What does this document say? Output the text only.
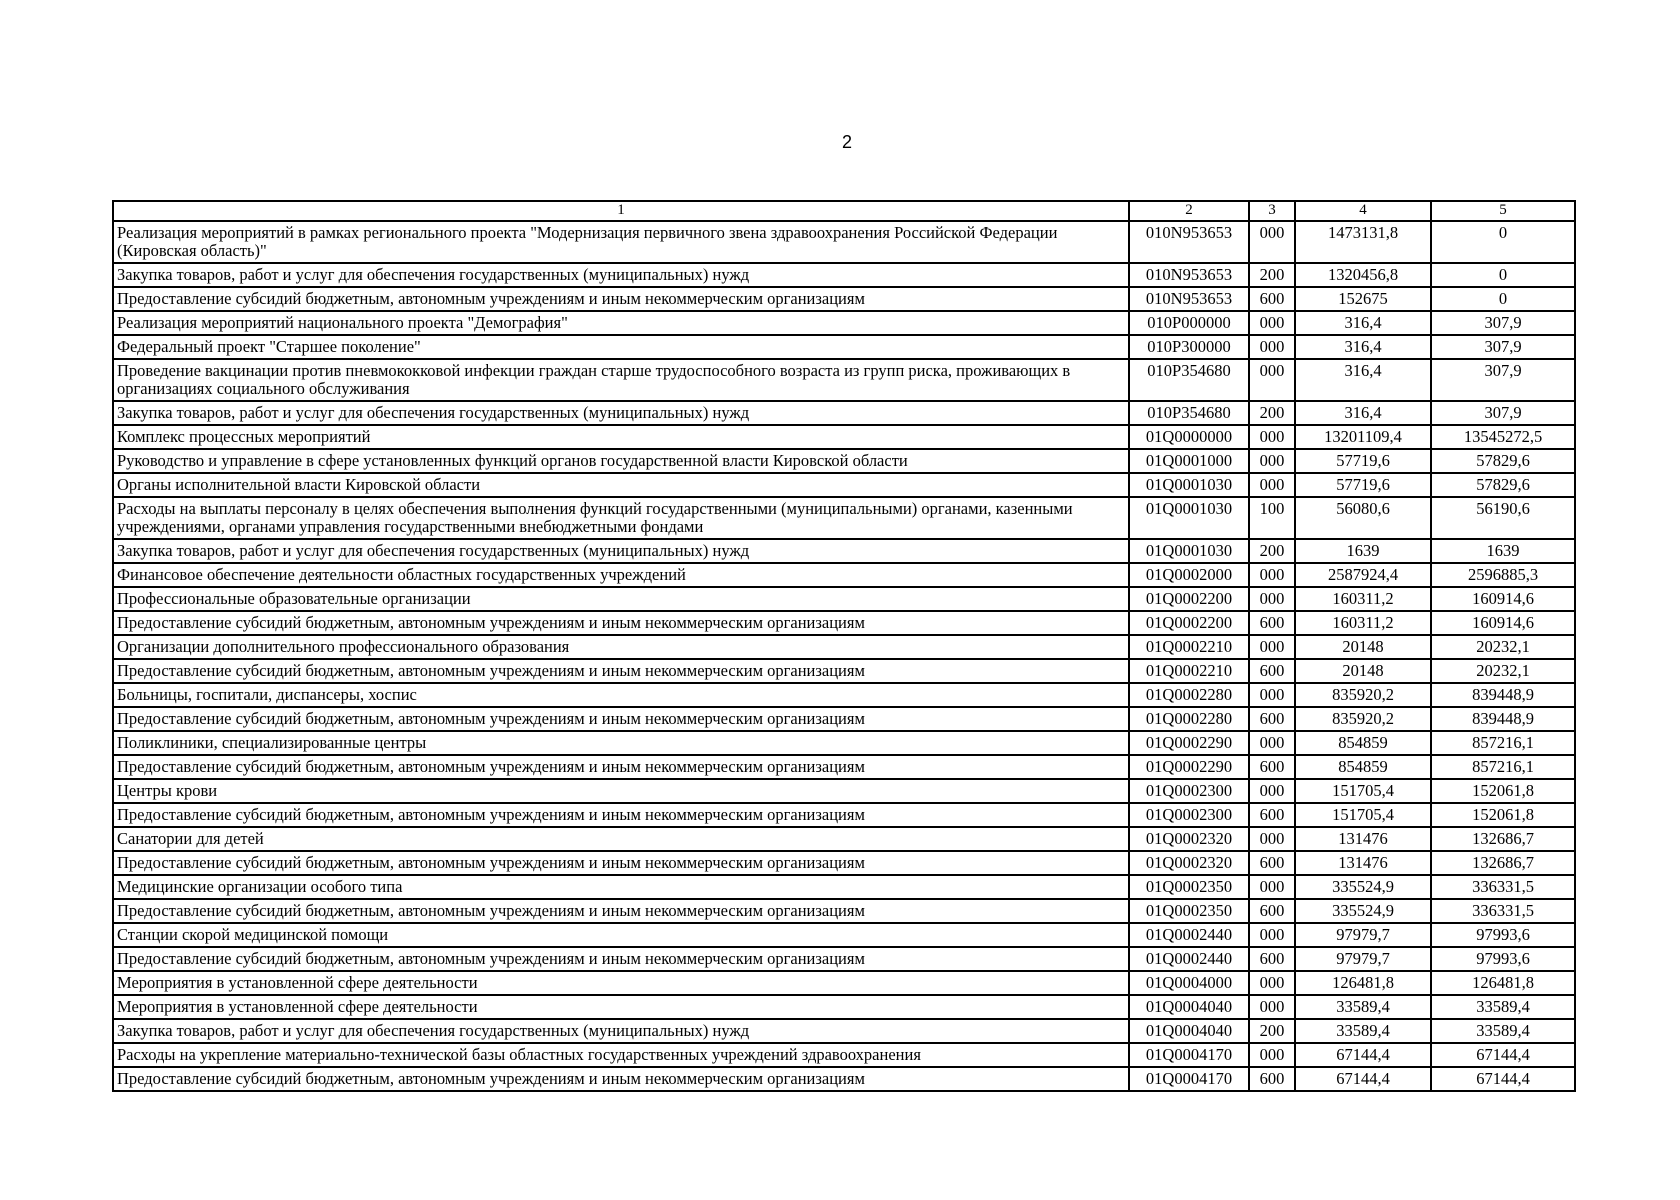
2
1	2	3	4	5
Реализация мероприятий в рамках регионального проекта "Модернизация первичного звена здравоохранения Российской Федерации (Кировская область)"	010N953653	000	1473131,8	0
Закупка товаров, работ и услуг для обеспечения государственных (муниципальных) нужд	010N953653	200	1320456,8	0
Предоставление субсидий бюджетным, автономным учреждениям и иным некоммерческим организациям	010N953653	600	152675	0
Реализация мероприятий национального проекта "Демография"	010P000000	000	316,4	307,9
Федеральный проект "Старшее поколение"	010P300000	000	316,4	307,9
Проведение вакцинации против пневмококковой инфекции граждан старше трудоспособного возраста из групп риска, проживающих в организациях социального обслуживания	010P354680	000	316,4	307,9
Закупка товаров, работ и услуг для обеспечения государственных (муниципальных) нужд	010P354680	200	316,4	307,9
Комплекс процессных мероприятий	01Q0000000	000	13201109,4	13545272,5
Руководство и управление в сфере установленных функций органов государственной власти Кировской области	01Q0001000	000	57719,6	57829,6
Органы исполнительной власти Кировской области	01Q0001030	000	57719,6	57829,6
Расходы на выплаты персоналу в целях обеспечения выполнения функций государственными (муниципальными) органами, казенными учреждениями, органами управления государственными внебюджетными фондами	01Q0001030	100	56080,6	56190,6
Закупка товаров, работ и услуг для обеспечения государственных (муниципальных) нужд	01Q0001030	200	1639	1639
Финансовое обеспечение деятельности областных государственных учреждений	01Q0002000	000	2587924,4	2596885,3
Профессиональные образовательные организации	01Q0002200	000	160311,2	160914,6
Предоставление субсидий бюджетным, автономным учреждениям и иным некоммерческим организациям	01Q0002200	600	160311,2	160914,6
Организации дополнительного профессионального образования	01Q0002210	000	20148	20232,1
Предоставление субсидий бюджетным, автономным учреждениям и иным некоммерческим организациям	01Q0002210	600	20148	20232,1
Больницы, госпитали, диспансеры, хоспис	01Q0002280	000	835920,2	839448,9
Предоставление субсидий бюджетным, автономным учреждениям и иным некоммерческим организациям	01Q0002280	600	835920,2	839448,9
Поликлиники, специализированные центры	01Q0002290	000	854859	857216,1
Предоставление субсидий бюджетным, автономным учреждениям и иным некоммерческим организациям	01Q0002290	600	854859	857216,1
Центры крови	01Q0002300	000	151705,4	152061,8
Предоставление субсидий бюджетным, автономным учреждениям и иным некоммерческим организациям	01Q0002300	600	151705,4	152061,8
Санатории для детей	01Q0002320	000	131476	132686,7
Предоставление субсидий бюджетным, автономным учреждениям и иным некоммерческим организациям	01Q0002320	600	131476	132686,7
Медицинские организации особого типа	01Q0002350	000	335524,9	336331,5
Предоставление субсидий бюджетным, автономным учреждениям и иным некоммерческим организациям	01Q0002350	600	335524,9	336331,5
Станции скорой медицинской помощи	01Q0002440	000	97979,7	97993,6
Предоставление субсидий бюджетным, автономным учреждениям и иным некоммерческим организациям	01Q0002440	600	97979,7	97993,6
Мероприятия в установленной сфере деятельности	01Q0004000	000	126481,8	126481,8
Мероприятия в установленной сфере деятельности	01Q0004040	000	33589,4	33589,4
Закупка товаров, работ и услуг для обеспечения государственных (муниципальных) нужд	01Q0004040	200	33589,4	33589,4
Расходы на укрепление материально-технической базы областных государственных учреждений здравоохранения	01Q0004170	000	67144,4	67144,4
Предоставление субсидий бюджетным, автономным учреждениям и иным некоммерческим организациям	01Q0004170	600	67144,4	67144,4
